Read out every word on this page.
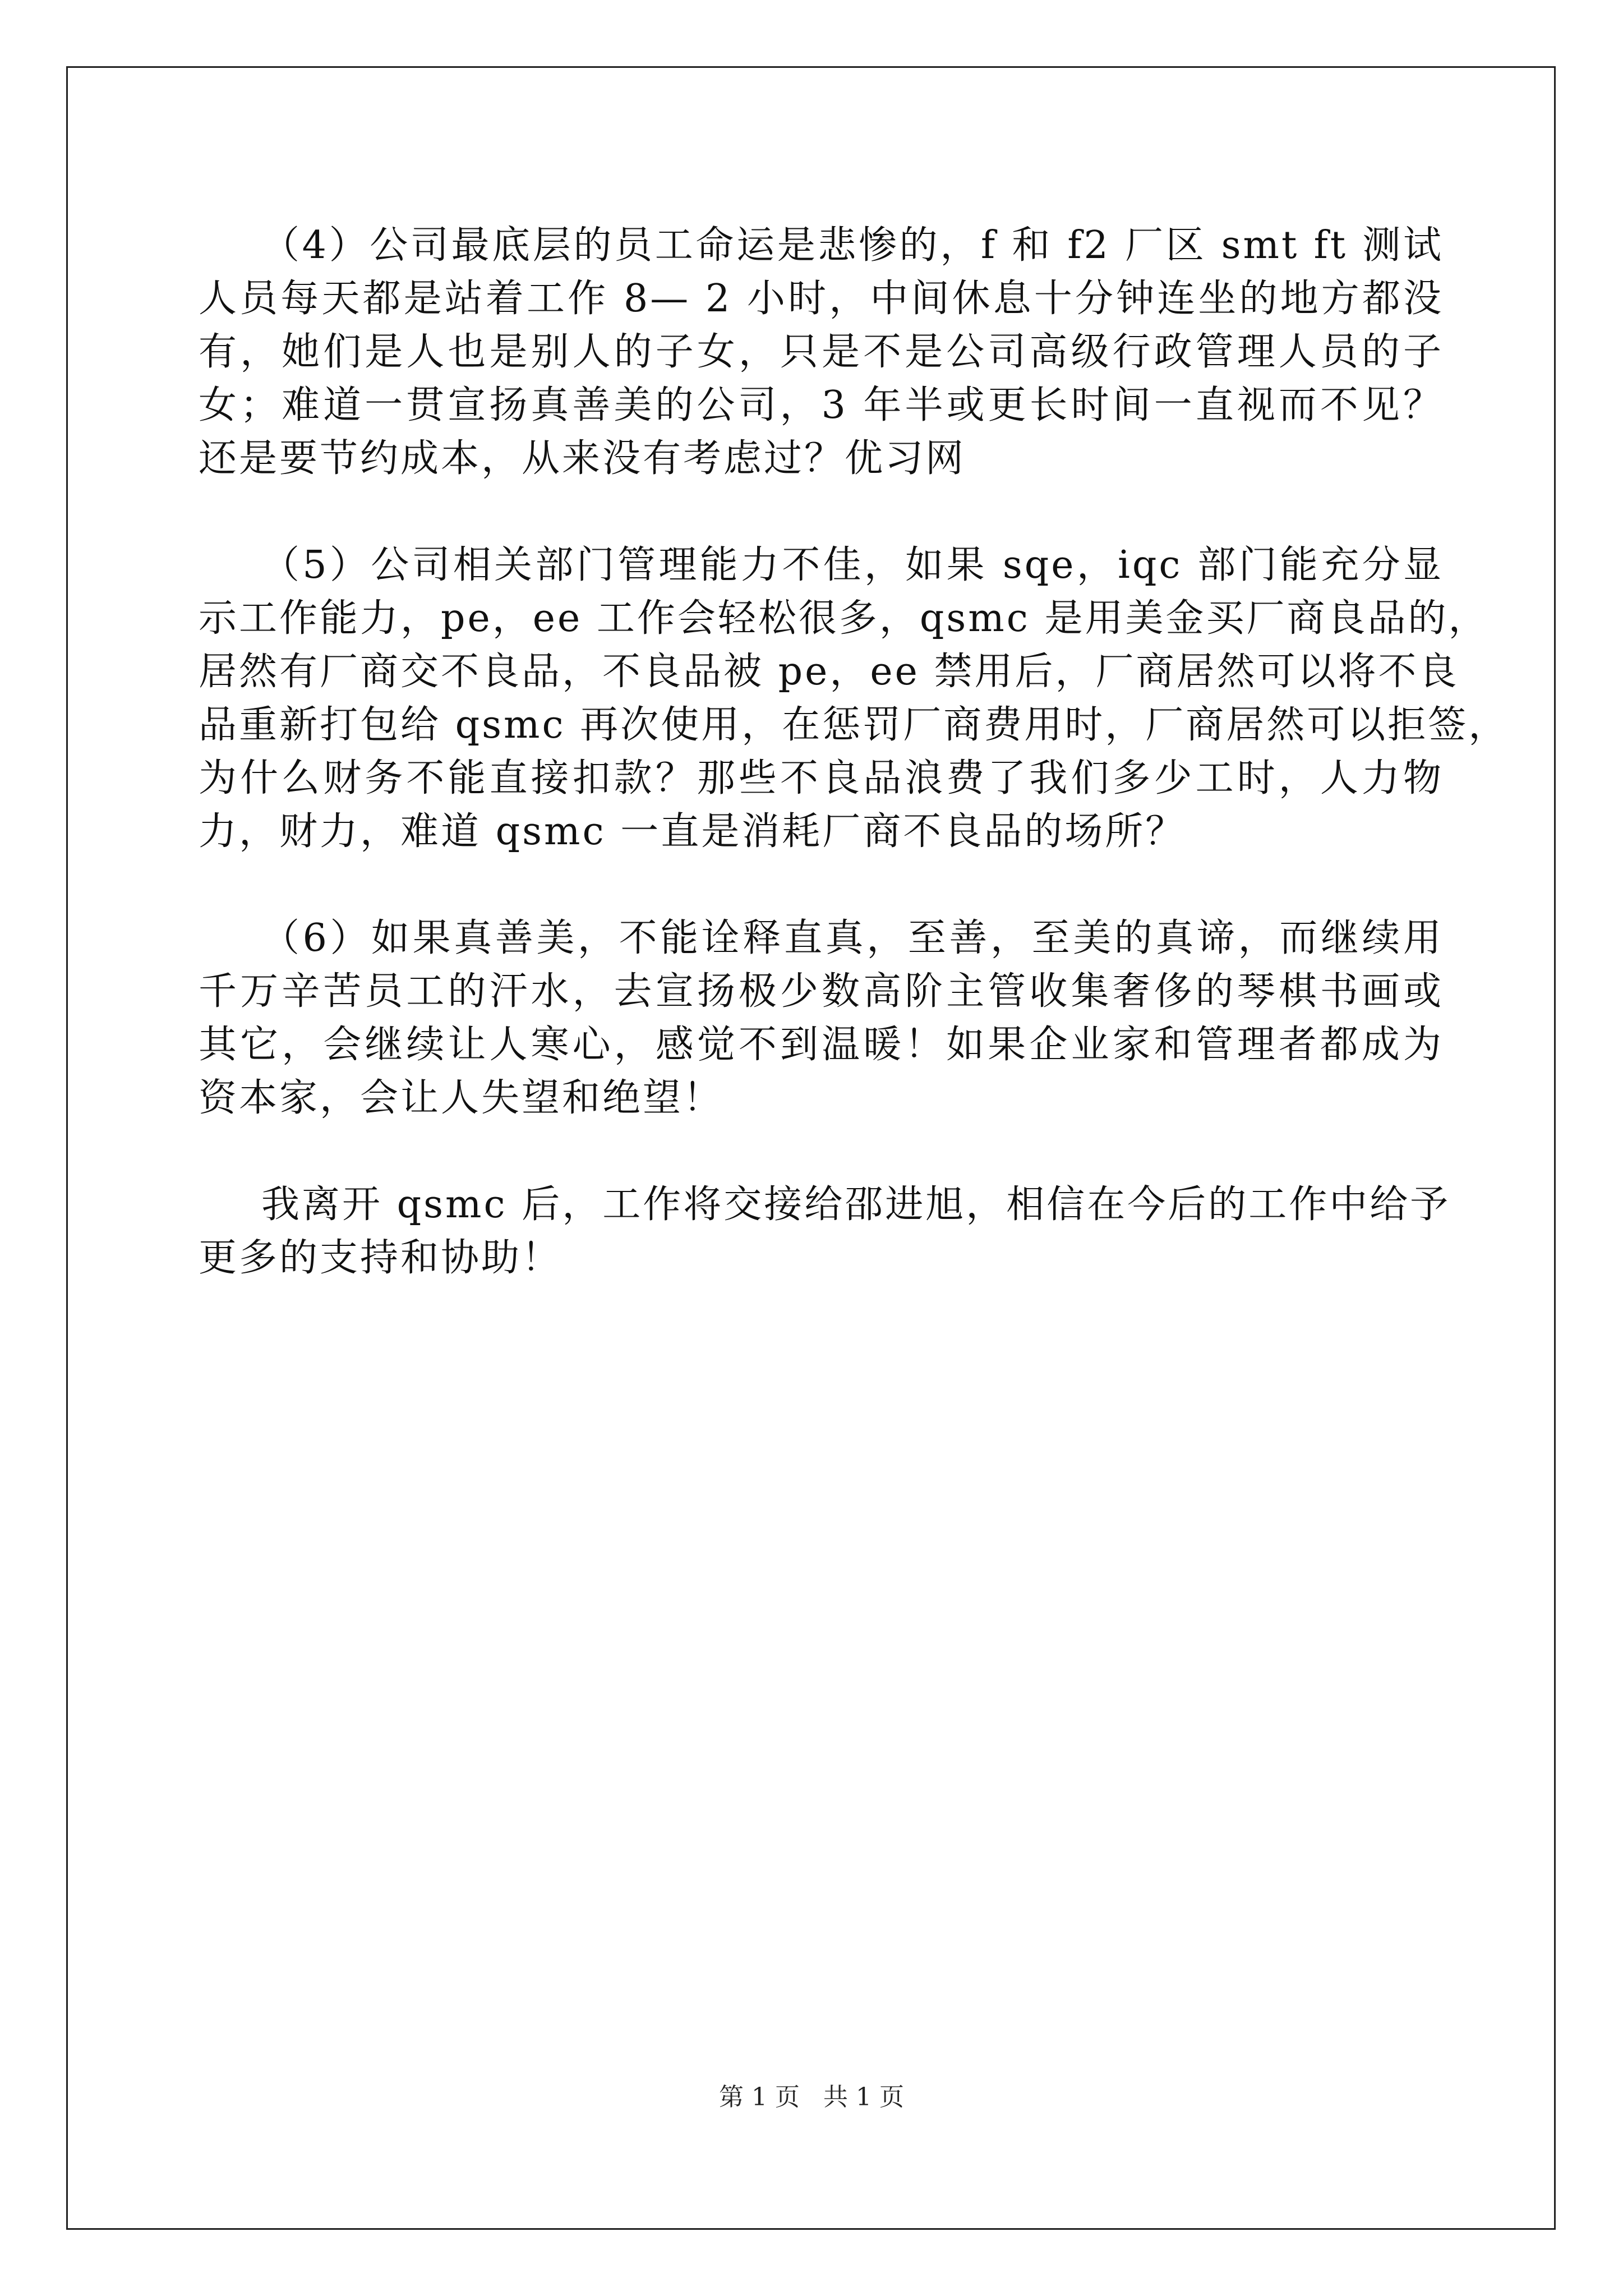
（4）公司最底层的员工命运是悲惨的，f 和 f2 厂区 smt ft 测试
人员每天都是站着工作 8— 2 小时，中间休息十分钟连坐的地方都没
有，她们是人也是别人的子女，只是不是公司高级行政管理人员的子
女；难道一贯宣扬真善美的公司，3 年半或更长时间一直视而不见？
还是要节约成本，从来没有考虑过？优习网
（5）公司相关部门管理能力不佳，如果 sqe，iqc 部门能充分显
示工作能力，pe，ee 工作会轻松很多，qsmc 是用美金买厂商良品的，
居然有厂商交不良品，不良品被 pe，ee 禁用后，厂商居然可以将不良
品重新打包给 qsmc 再次使用，在惩罚厂商费用时，厂商居然可以拒签，
为什么财务不能直接扣款？那些不良品浪费了我们多少工时，人力物
力，财力，难道 qsmc 一直是消耗厂商不良品的场所？
（6）如果真善美，不能诠释直真，至善，至美的真谛，而继续用
千万辛苦员工的汗水，去宣扬极少数高阶主管收集奢侈的琴棋书画或
其它，会继续让人寒心，感觉不到温暖！如果企业家和管理者都成为
资本家，会让人失望和绝望！
我离开 qsmc 后，工作将交接给邵进旭，相信在今后的工作中给予
更多的支持和协助！
第 1 页   共 1 页
